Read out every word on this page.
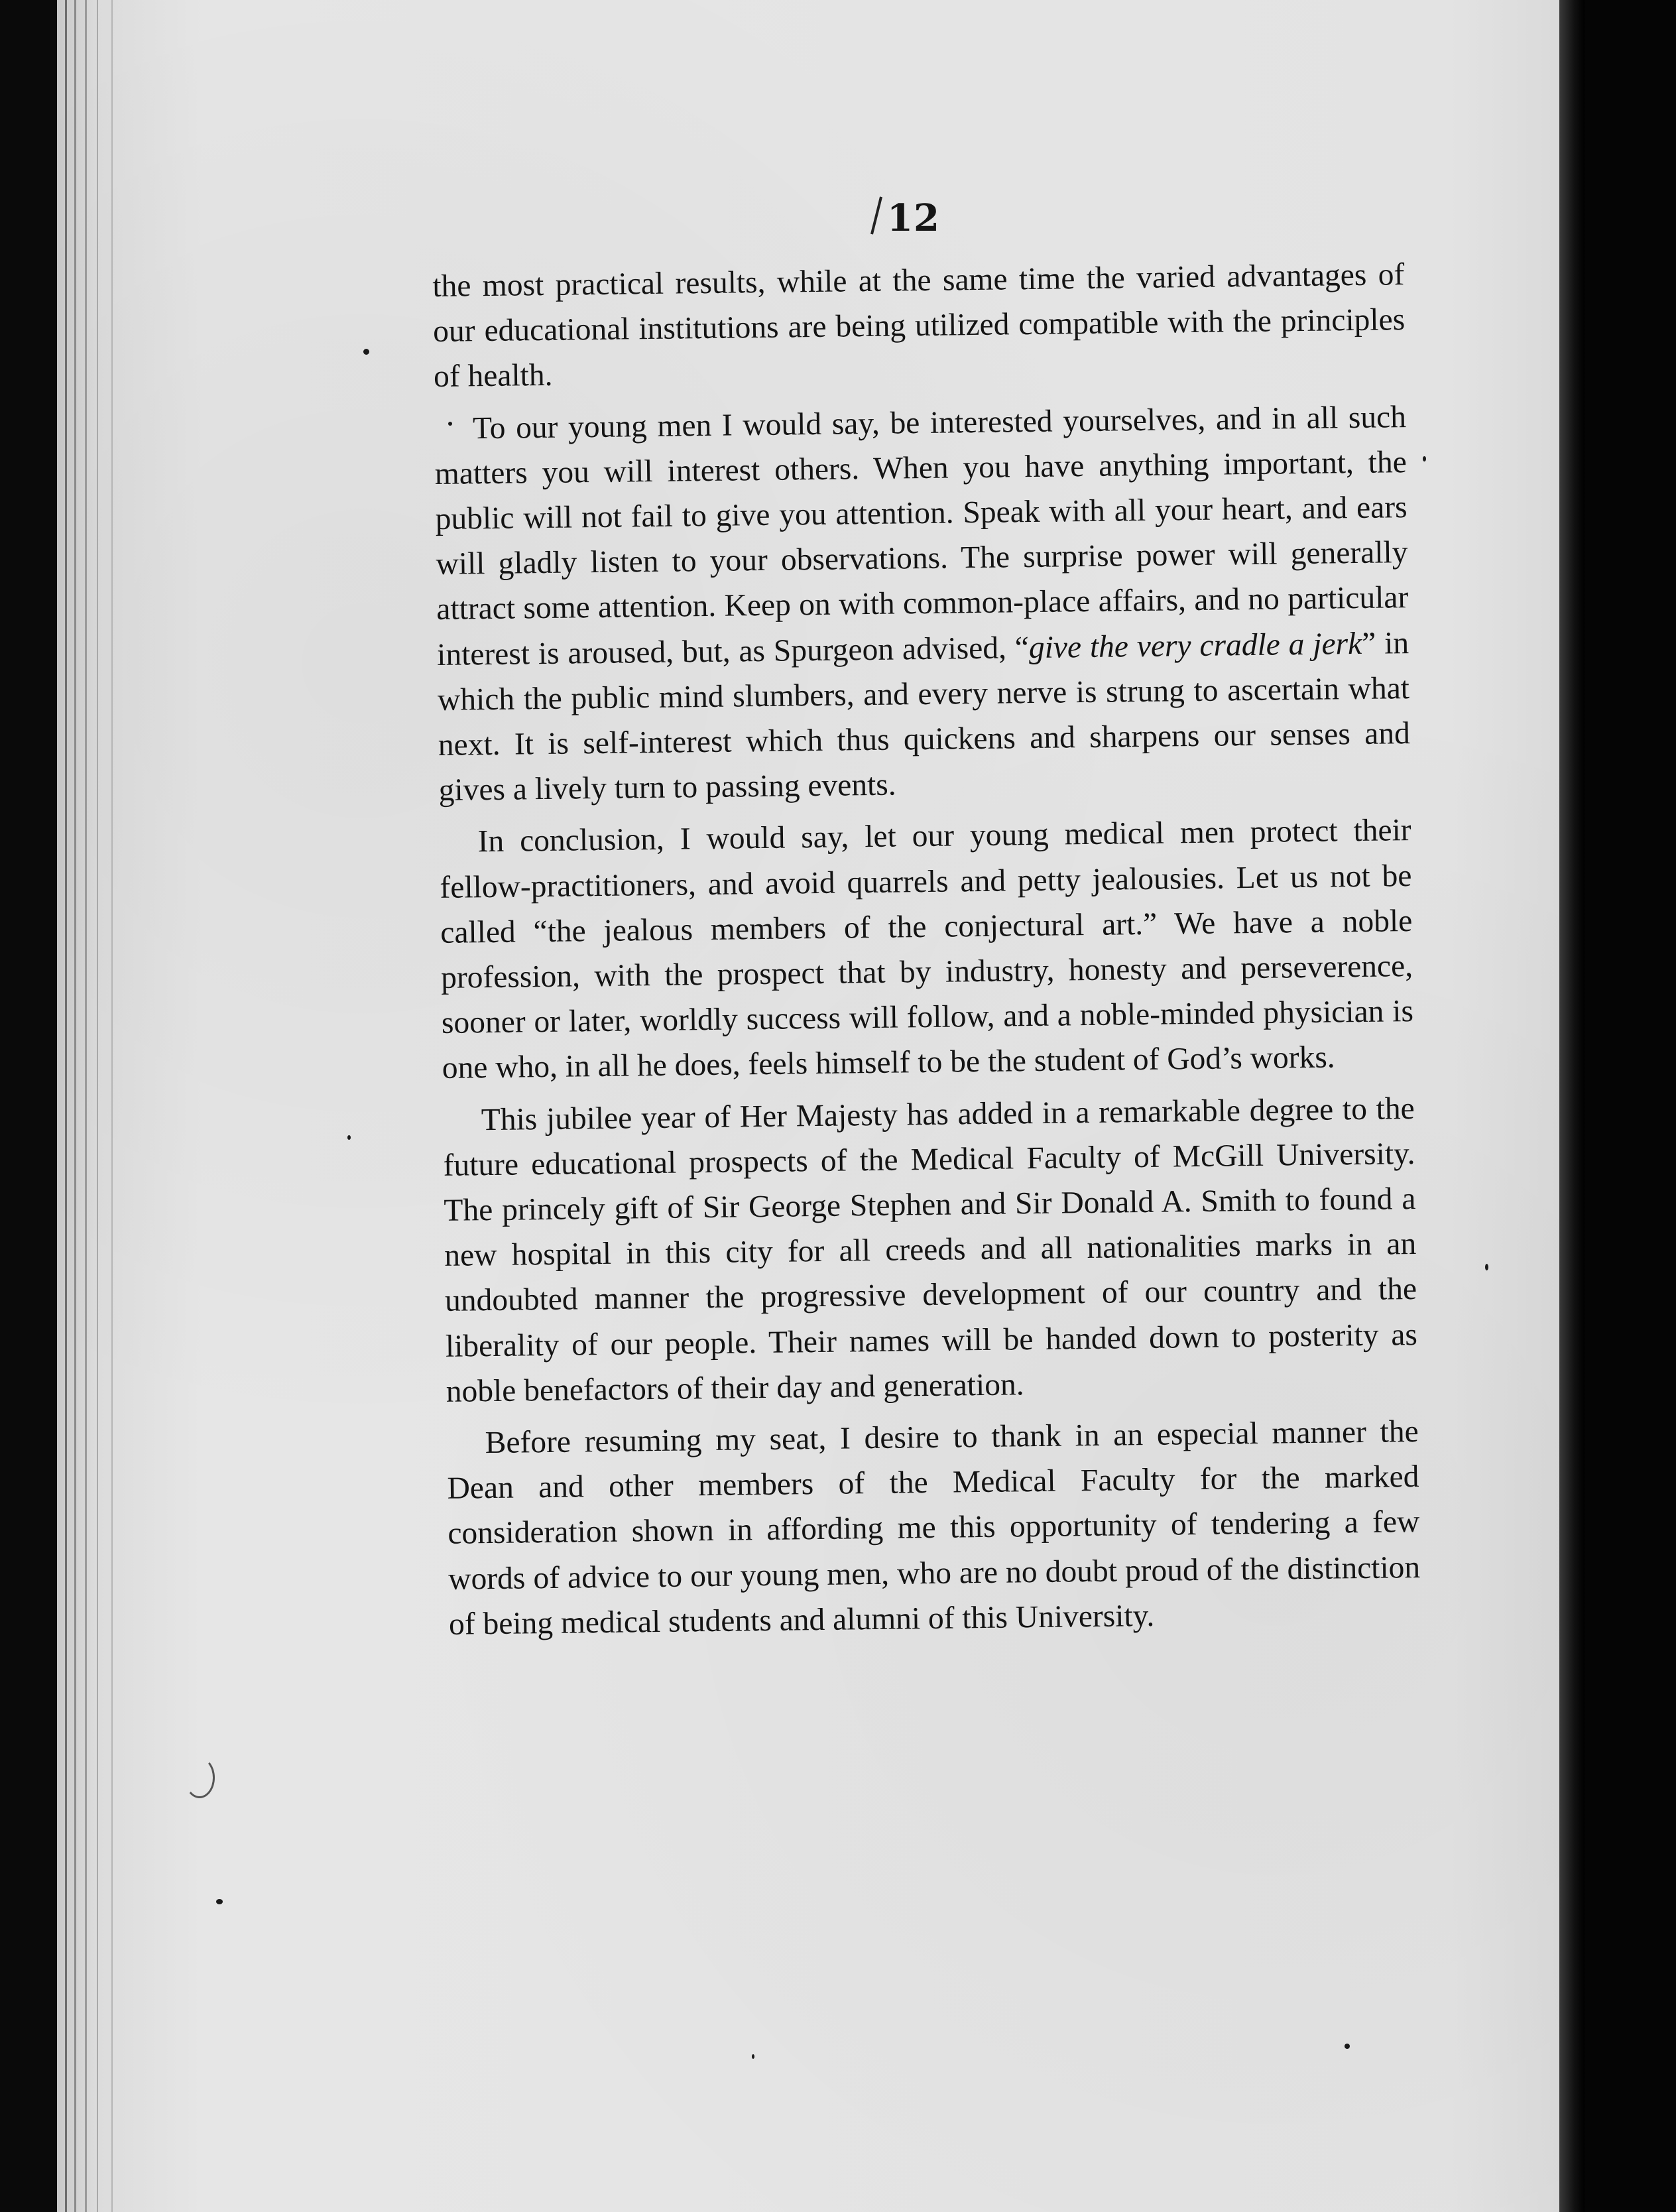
12

the most practical results, while at the same time the varied advantages of our educational institutions are being utilized compatible with the principles of health.

To our young men I would say, be interested yourselves, and in all such matters you will interest others. When you have anything important, the public will not fail to give you attention. Speak with all your heart, and ears will gladly listen to your observations. The surprise power will generally attract some attention. Keep on with common-place affairs, and no particular interest is aroused, but, as Spurgeon advised, “give the very cradle a jerk” in which the public mind slumbers, and every nerve is strung to ascertain what next. It is self-interest which thus quickens and sharpens our senses and gives a lively turn to passing events.

In conclusion, I would say, let our young medical men protect their fellow-practitioners, and avoid quarrels and petty jealousies. Let us not be called “the jealous members of the conjectural art.” We have a noble profession, with the prospect that by industry, honesty and perseverence, sooner or later, worldly success will follow, and a noble-minded physician is one who, in all he does, feels himself to be the student of God’s works.

This jubilee year of Her Majesty has added in a remarkable degree to the future educational prospects of the Medical Faculty of McGill University. The princely gift of Sir George Stephen and Sir Donald A. Smith to found a new hospital in this city for all creeds and all nationalities marks in an undoubted manner the progressive development of our country and the liberality of our people. Their names will be handed down to posterity as noble benefactors of their day and generation.

Before resuming my seat, I desire to thank in an especial manner the Dean and other members of the Medical Faculty for the marked consideration shown in affording me this opportunity of tendering a few words of advice to our young men, who are no doubt proud of the distinction of being medical students and alumni of this University.
